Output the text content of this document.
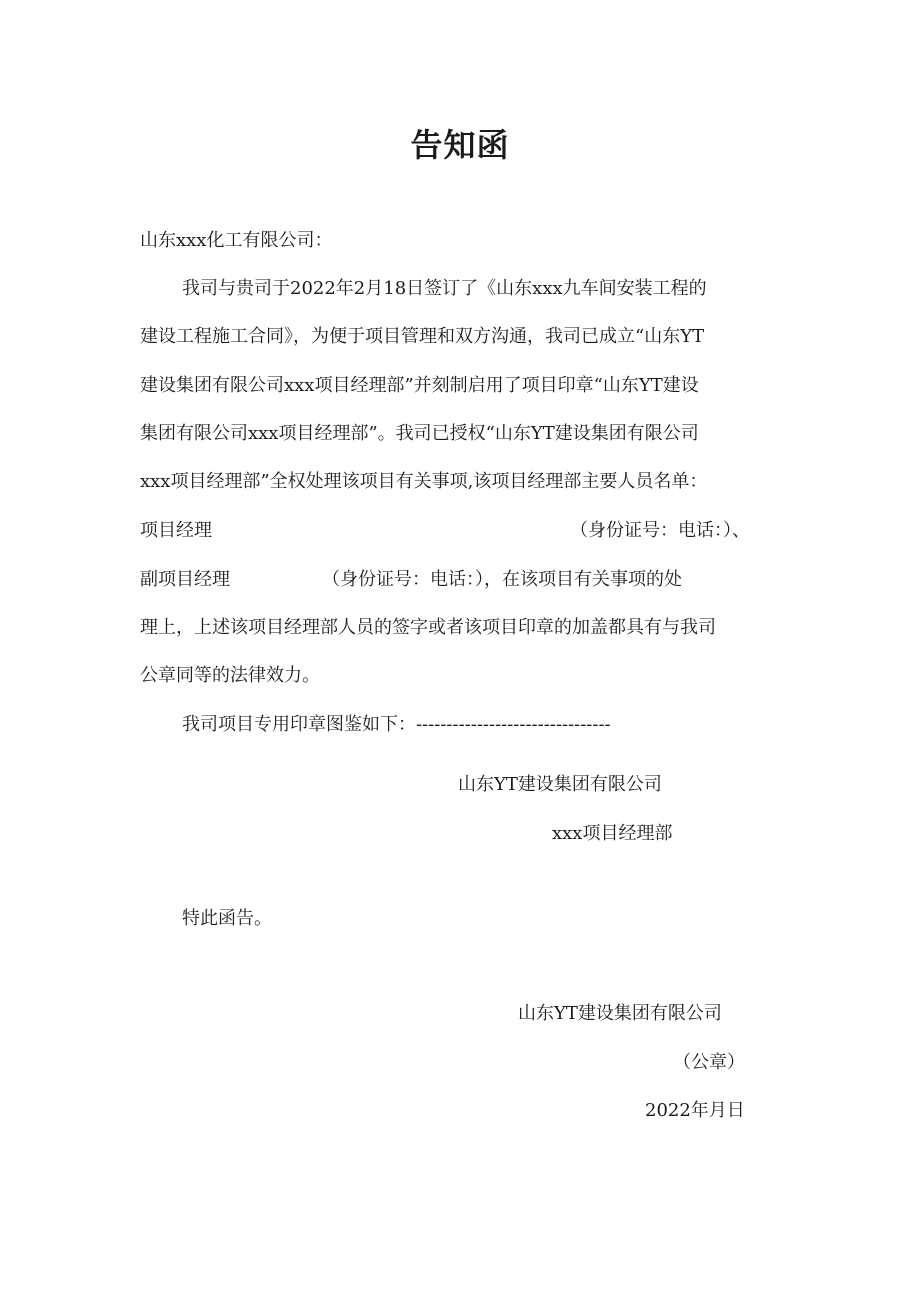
告知函
山东xxx化工有限公司：
我司与贵司于2022年2月18日签订了《山东xxx九车间安装工程的
建设工程施工合同》，为便于项目管理和双方沟通，我司已成立“山东YT
建设集团有限公司xxx项目经理部”并刻制启用了项目印章“山东YT建设
集团有限公司xxx项目经理部”。我司已授权“山东YT建设集团有限公司
xxx项目经理部”全权处理该项目有关事项,该项目经理部主要人员名单：
项目经理	（身份证号：电话：）、
副项目经理	（身份证号：电话：），在该项目有关事项的处
理上，上述该项目经理部人员的签字或者该项目印章的加盖都具有与我司
公章同等的法律效力。
我司项目专用印章图鉴如下：--------------------------------
山东YT建设集团有限公司
xxx项目经理部
特此函告。
山东YT建设集团有限公司
（公章）
2022年月日
